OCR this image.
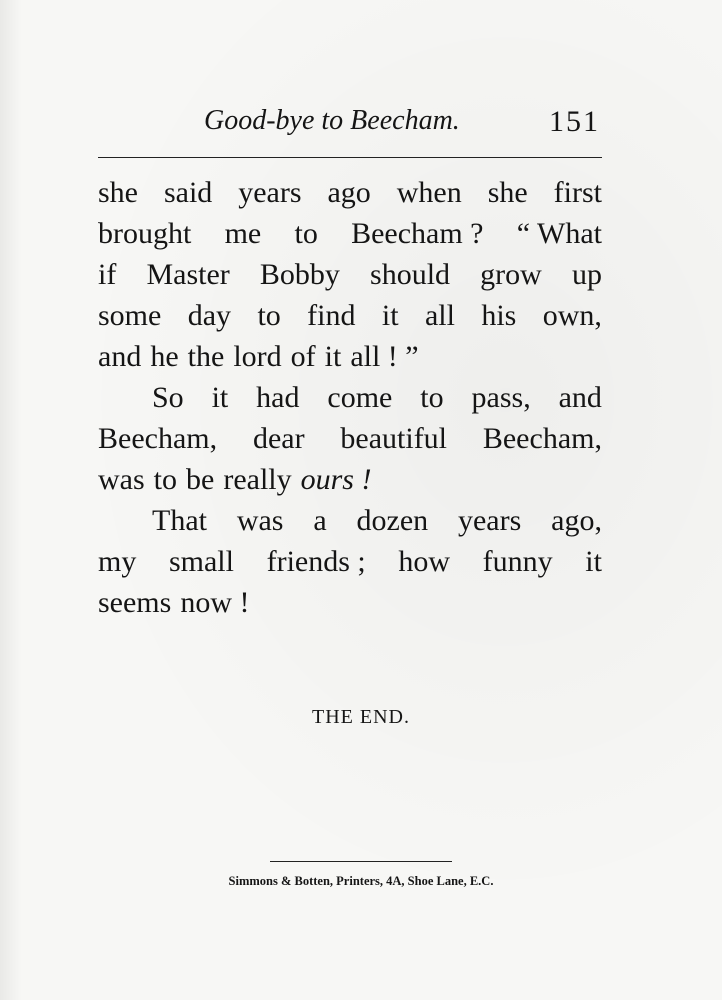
Good-bye to Beecham.	151
she said years ago when she first
brought me to Beecham ? “ What
if Master Bobby should grow up
some day to find it all his own,
and he the lord of it all ! ”
So it had come to pass, and
Beecham, dear beautiful Beecham,
was to be really ours !
That was a dozen years ago,
my small friends ; how funny it
seems now !
THE END.
Simmons & Botten, Printers, 4A, Shoe Lane, E.C.
